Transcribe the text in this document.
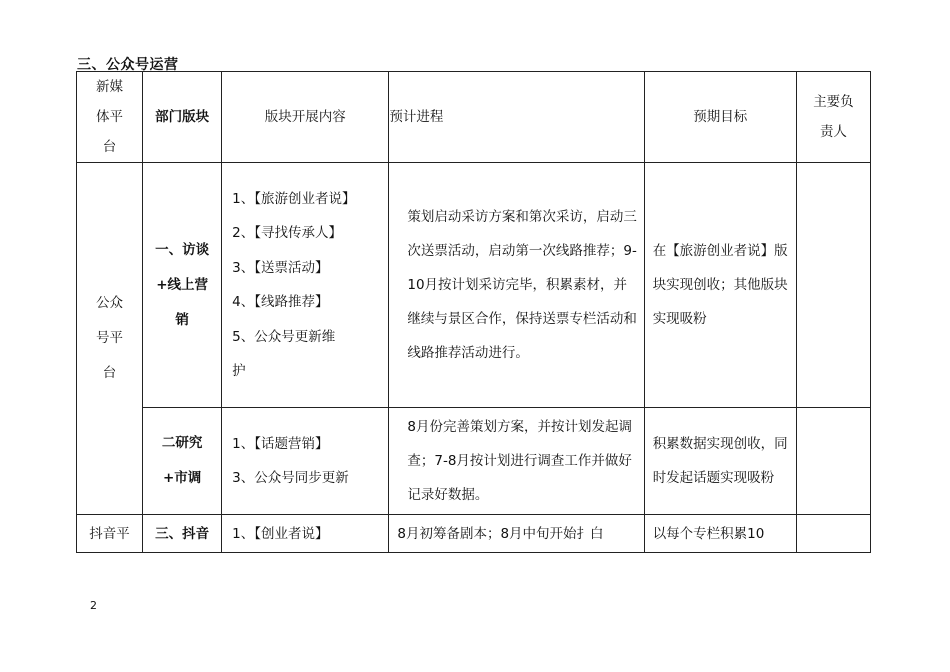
三、公众号运营
新媒体平台	部门版块	版块开展内容	预计进程	预期目标	主要负责人

公众号平台	一、访谈+线上营销	1、【旅游创业者说】
2、【寻找传承人】
3、【送票活动】
4、【线路推荐】
5、公众号更新维护	策划启动采访方案和第次采访，启动三次送票活动，启动第一次线路推荐；9-10月按计划采访完毕，积累素材，并继续与景区合作，保持送票专栏活动和线路推荐活动进行。	在【旅游创业者说】版块实现创收；其他版块实现吸粉	

	二研究+市调	1、【话题营销】
3、公众号同步更新	8月份完善策划方案，并按计划发起调查；7-8月按计划进行调查工作并做好记录好数据。	积累数据实现创收，同时发起话题实现吸粉	

抖音平	三、抖音	1、【创业者说】	8月初筹备剧本；8月中旬开始扌白	以每个专栏积累10	
2
